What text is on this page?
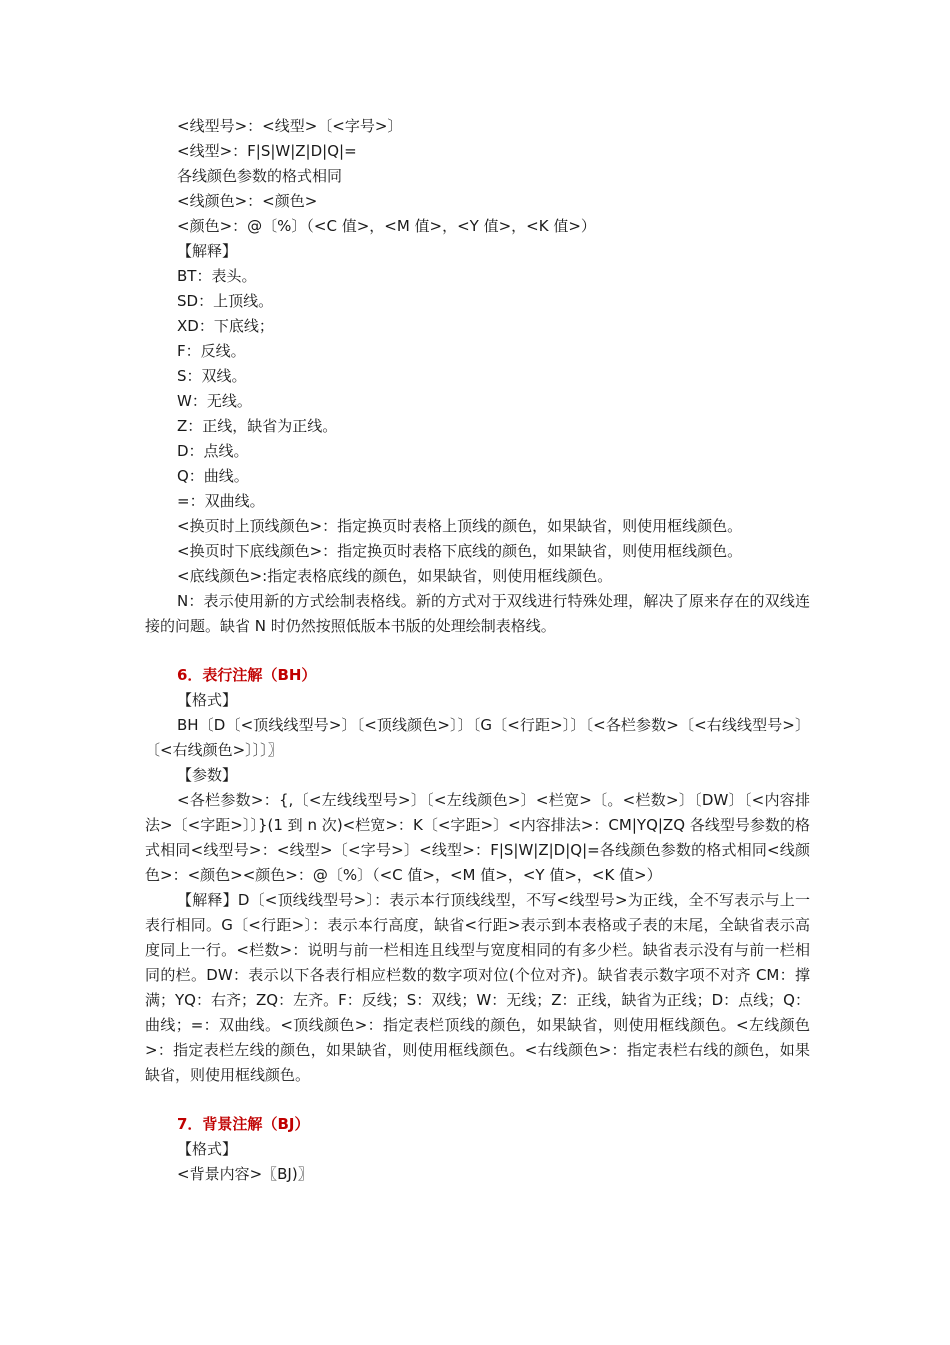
<线型号>：<线型>〔<字号>〕
<线型>：F|S|W|Z|D|Q|=
各线颜色参数的格式相同
<线颜色>：<颜色>
<颜色>：@〔%〕（<C 值>，<M 值>，<Y 值>，<K 值>）
【解释】
BT：表头。
SD：上顶线。
XD：下底线；
F：反线。
S：双线。
W：无线。
Z：正线，缺省为正线。
D：点线。
Q：曲线。
=：双曲线。
<换页时上顶线颜色>：指定换页时表格上顶线的颜色，如果缺省，则使用框线颜色。
<换页时下底线颜色>：指定换页时表格下底线的颜色，如果缺省，则使用框线颜色。
<底线颜色>:指定表格底线的颜色，如果缺省，则使用框线颜色。

N：表示使用新的方式绘制表格线。新的方式对于双线进行特殊处理，解决了原来存在的双线连接的问题。缺省 N 时仍然按照低版本书版的处理绘制表格线。

6．表行注解（BH）
【格式】

BH〔D〔<顶线线型号>〕〔<顶线颜色>〕〕〔G〔<行距>〕〕〔<各栏参数>〔<右线线型号>〕〔<右线颜色>〕〕〕〗

【参数】

<各栏参数>：{,〔<左线线型号>〕〔<左线颜色>〕<栏宽>〔。<栏数>〕〔DW〕〔<内容排法>〔<字距>〕〕}(1 到 n 次)<栏宽>：K〔<字距>〕<内容排法>：CM|YQ|ZQ 各线型号参数的格式相同<线型号>：<线型>〔<字号>〕<线型>：F|S|W|Z|D|Q|=各线颜色参数的格式相同<线颜色>：<颜色><颜色>：@〔%〕（<C 值>，<M 值>，<Y 值>，<K 值>）

【解释】D〔<顶线线型号>〕：表示本行顶线线型，不写<线型号>为正线，全不写表示与上一表行相同。G〔<行距>〕：表示本行高度，缺省<行距>表示到本表格或子表的末尾，全缺省表示高度同上一行。<栏数>：说明与前一栏相连且线型与宽度相同的有多少栏。缺省表示没有与前一栏相同的栏。DW：表示以下各表行相应栏数的数字项对位(个位对齐)。缺省表示数字项不对齐 CM：撑满；YQ：右齐；ZQ：左齐。F：反线；S：双线；W：无线；Z：正线，缺省为正线；D：点线；Q：曲线；=：双曲线。<顶线颜色>：指定表栏顶线的颜色，如果缺省，则使用框线颜色。<左线颜色>：指定表栏左线的颜色，如果缺省，则使用框线颜色。<右线颜色>：指定表栏右线的颜色，如果缺省，则使用框线颜色。

7．背景注解（BJ）
【格式】
<背景内容>〖BJ)〗
